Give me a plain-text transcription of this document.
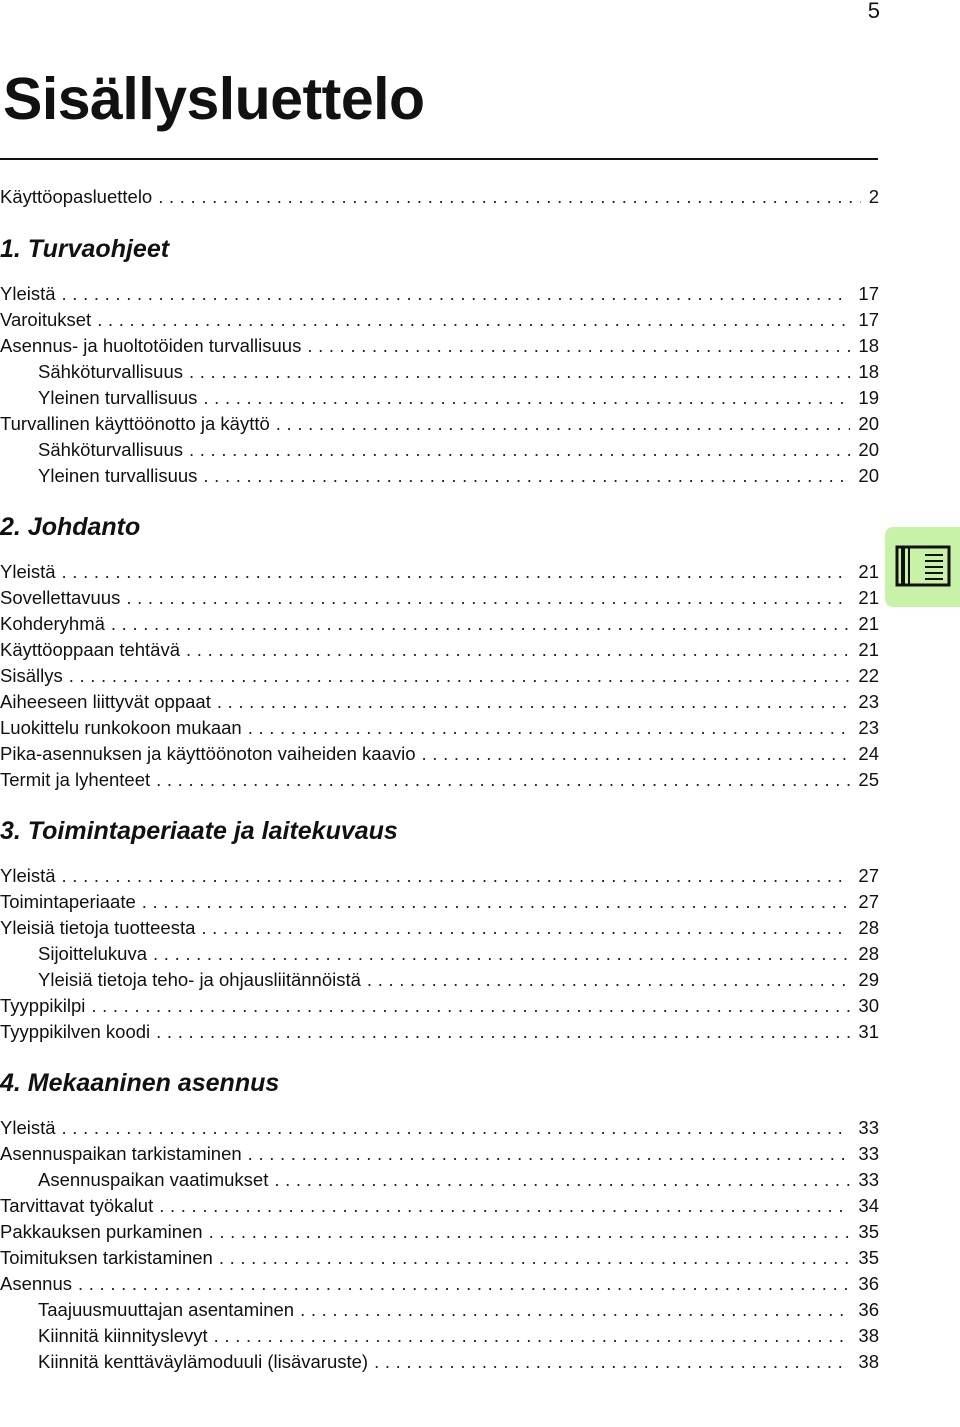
5
Sisällysluettelo
Käyttöopasluettelo . . .	2
1. Turvaohjeet
Yleistä . . .	17
Varoitukset . . .	17
Asennus- ja huoltotöiden turvallisuus . . .	18
Sähköturvallisuus . . .	18
Yleinen turvallisuus . . .	19
Turvallinen käyttöönotto ja käyttö . . .	20
Sähköturvallisuus . . .	20
Yleinen turvallisuus . . .	20
2. Johdanto
Yleistä . . .	21
Sovellettavuus . . .	21
Kohderyhmä . . .	21
Käyttöoppaan tehtävä . . .	21
Sisällys . . .	22
Aiheeseen liittyvät oppaat . . .	23
Luokittelu runkokoon mukaan . . .	23
Pika-asennuksen ja käyttöönoton vaiheiden kaavio . . .	24
Termit ja lyhenteet . . .	25
3. Toimintaperiaate ja laitekuvaus
Yleistä . . .	27
Toimintaperiaate . . .	27
Yleisiä tietoja tuotteesta . . .	28
Sijoittelukuva . . .	28
Yleisiä tietoja teho- ja ohjausliitännöistä . . .	29
Tyyppikilpi . . .	30
Tyyppikilven koodi . . .	31
4. Mekaaninen asennus
Yleistä . . .	33
Asennuspaikan tarkistaminen . . .	33
Asennuspaikan vaatimukset . . .	33
Tarvittavat työkalut . . .	34
Pakkauksen purkaminen . . .	35
Toimituksen tarkistaminen . . .	35
Asennus . . .	36
Taajuusmuuttajan asentaminen . . .	36
Kiinnitä kiinnityslevyt . . .	38
Kiinnitä kenttäväylämoduuli (lisävaruste) . . .	38
